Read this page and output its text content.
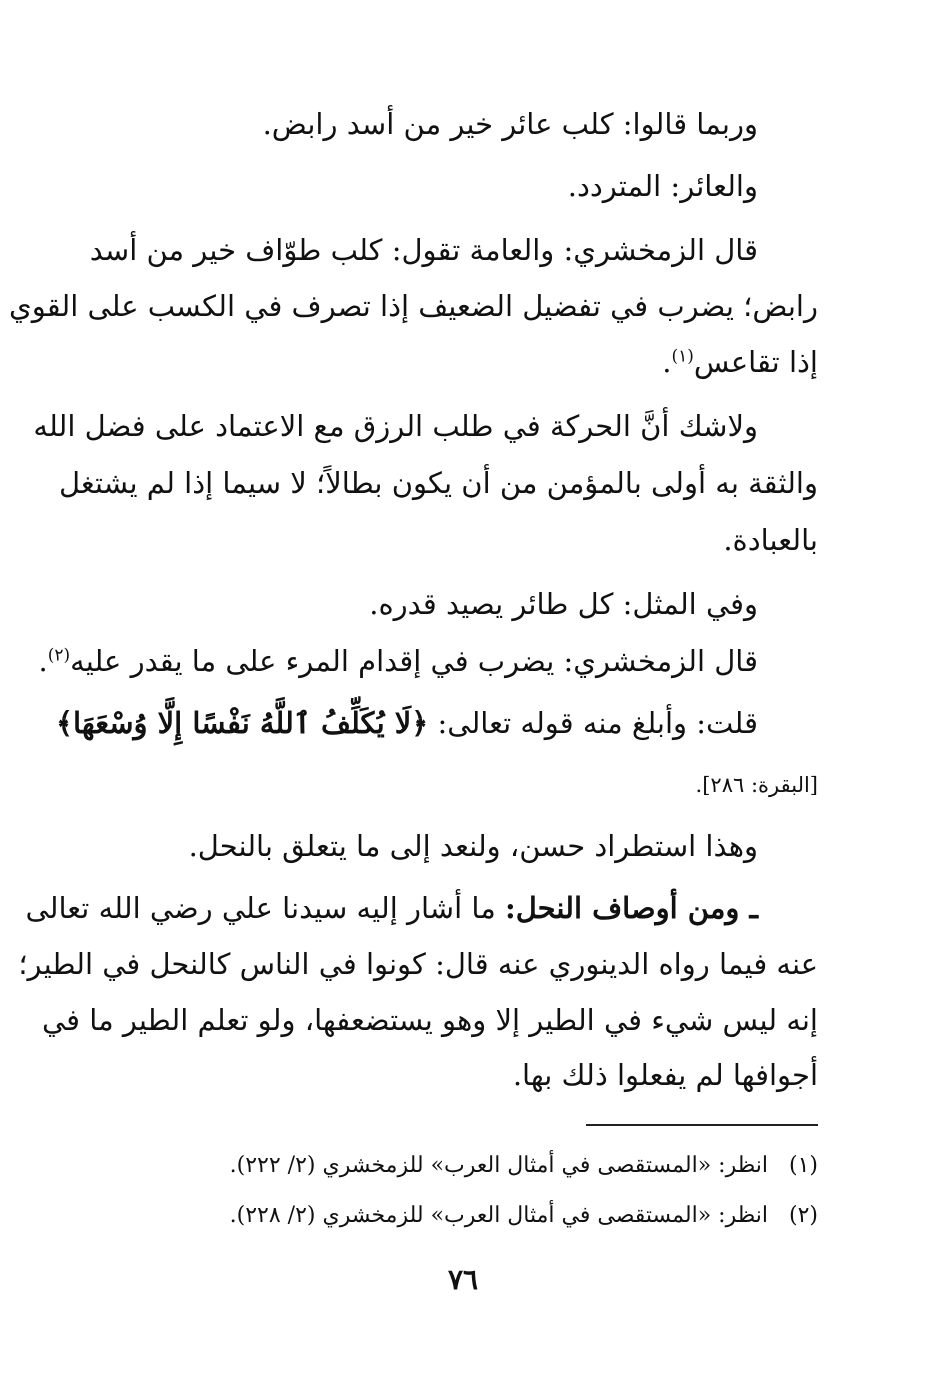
وربما قالوا: كلب عائر خير من أسد رابض.
والعائر: المتردد.
قال الزمخشري: والعامة تقول: كلب طوّاف خير من أسد
رابض؛ يضرب في تفضيل الضعيف إذا تصرف في الكسب على القوي
إذا تقاعس$^{(١)}$.
ولاشك أنَّ الحركة في طلب الرزق مع الاعتماد على فضل الله
والثقة به أولى بالمؤمن من أن يكون بطالاً؛ لا سيما إذا لم يشتغل
بالعبادة.
وفي المثل: كل طائر يصيد قدره.
قال الزمخشري: يضرب في إقدام المرء على ما يقدر عليه$^{(٢)}$.
قلت: وأبلغ منه قوله تعالى: ﴿لَا يُكَلِّفُ ٱللَّهُ نَفْسًا إِلَّا وُسْعَهَا﴾
[البقرة: ٢٨٦].
وهذا استطراد حسن، ولنعد إلى ما يتعلق بالنحل.
ـ ومن أوصاف النحل: ما أشار إليه سيدنا علي رضي الله تعالى
عنه فيما رواه الدينوري عنه قال: كونوا في الناس كالنحل في الطير؛
إنه ليس شيء في الطير إلا وهو يستضعفها، ولو تعلم الطير ما في
أجوافها لم يفعلوا ذلك بها.
(١)انظر: «المستقصى في أمثال العرب» للزمخشري (٢/ ٢٢٢).
(٢)انظر: «المستقصى في أمثال العرب» للزمخشري (٢/ ٢٢٨).
٧٦
